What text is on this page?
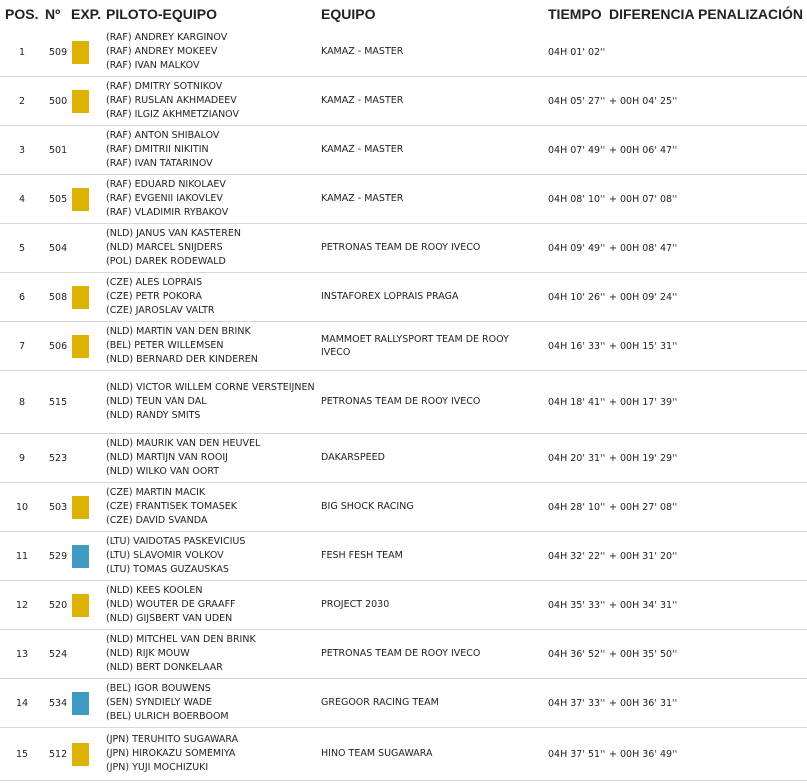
POS.	Nº	EXP.	PILOTO-EQUIPO	EQUIPO	TIEMPO	DIFERENCIA	PENALIZACIÓN
1	509		(RAF) ANDREY KARGINOV
(RAF) ANDREY MOKEEV
(RAF) IVAN MALKOV	KAMAZ - MASTER	04H 01' 02''		
2	500		(RAF) DMITRY SOTNIKOV
(RAF) RUSLAN AKHMADEEV
(RAF) ILGIZ AKHMETZIANOV	KAMAZ - MASTER	04H 05' 27''	+ 00H 04' 25''	
3	501		(RAF) ANTON SHIBALOV
(RAF) DMITRII NIKITIN
(RAF) IVAN TATARINOV	KAMAZ - MASTER	04H 07' 49''	+ 00H 06' 47''	
4	505		(RAF) EDUARD NIKOLAEV
(RAF) EVGENII IAKOVLEV
(RAF) VLADIMIR RYBAKOV	KAMAZ - MASTER	04H 08' 10''	+ 00H 07' 08''	
5	504		(NLD) JANUS VAN KASTEREN
(NLD) MARCEL SNIJDERS
(POL) DAREK RODEWALD	PETRONAS TEAM DE ROOY IVECO	04H 09' 49''	+ 00H 08' 47''	
6	508		(CZE) ALES LOPRAIS
(CZE) PETR POKORA
(CZE) JAROSLAV VALTR	INSTAFOREX LOPRAIS PRAGA	04H 10' 26''	+ 00H 09' 24''	
7	506		(NLD) MARTIN VAN DEN BRINK
(BEL) PETER WILLEMSEN
(NLD) BERNARD DER KINDEREN	MAMMOET RALLYSPORT TEAM DE ROOY IVECO	04H 16' 33''	+ 00H 15' 31''	
8	515		(NLD) VICTOR WILLEM CORNE VERSTEIJNEN
(NLD) TEUN VAN DAL
(NLD) RANDY SMITS	PETRONAS TEAM DE ROOY IVECO	04H 18' 41''	+ 00H 17' 39''	
9	523		(NLD) MAURIK VAN DEN HEUVEL
(NLD) MARTIJN VAN ROOIJ
(NLD) WILKO VAN OORT	DAKARSPEED	04H 20' 31''	+ 00H 19' 29''	
10	503		(CZE) MARTIN MACIK
(CZE) FRANTISEK TOMASEK
(CZE) DAVID SVANDA	BIG SHOCK RACING	04H 28' 10''	+ 00H 27' 08''	
11	529		(LTU) VAIDOTAS PASKEVICIUS
(LTU) SLAVOMIR VOLKOV
(LTU) TOMAS GUZAUSKAS	FESH FESH TEAM	04H 32' 22''	+ 00H 31' 20''	
12	520		(NLD) KEES KOOLEN
(NLD) WOUTER DE GRAAFF
(NLD) GIJSBERT VAN UDEN	PROJECT 2030	04H 35' 33''	+ 00H 34' 31''	
13	524		(NLD) MITCHEL VAN DEN BRINK
(NLD) RIJK MOUW
(NLD) BERT DONKELAAR	PETRONAS TEAM DE ROOY IVECO	04H 36' 52''	+ 00H 35' 50''	
14	534		(BEL) IGOR BOUWENS
(SEN) SYNDIELY WADE
(BEL) ULRICH BOERBOOM	GREGOOR RACING TEAM	04H 37' 33''	+ 00H 36' 31''	
15	512		(JPN) TERUHITO SUGAWARA
(JPN) HIROKAZU SOMEMIYA
(JPN) YUJI MOCHIZUKI	HINO TEAM SUGAWARA	04H 37' 51''	+ 00H 36' 49''	
